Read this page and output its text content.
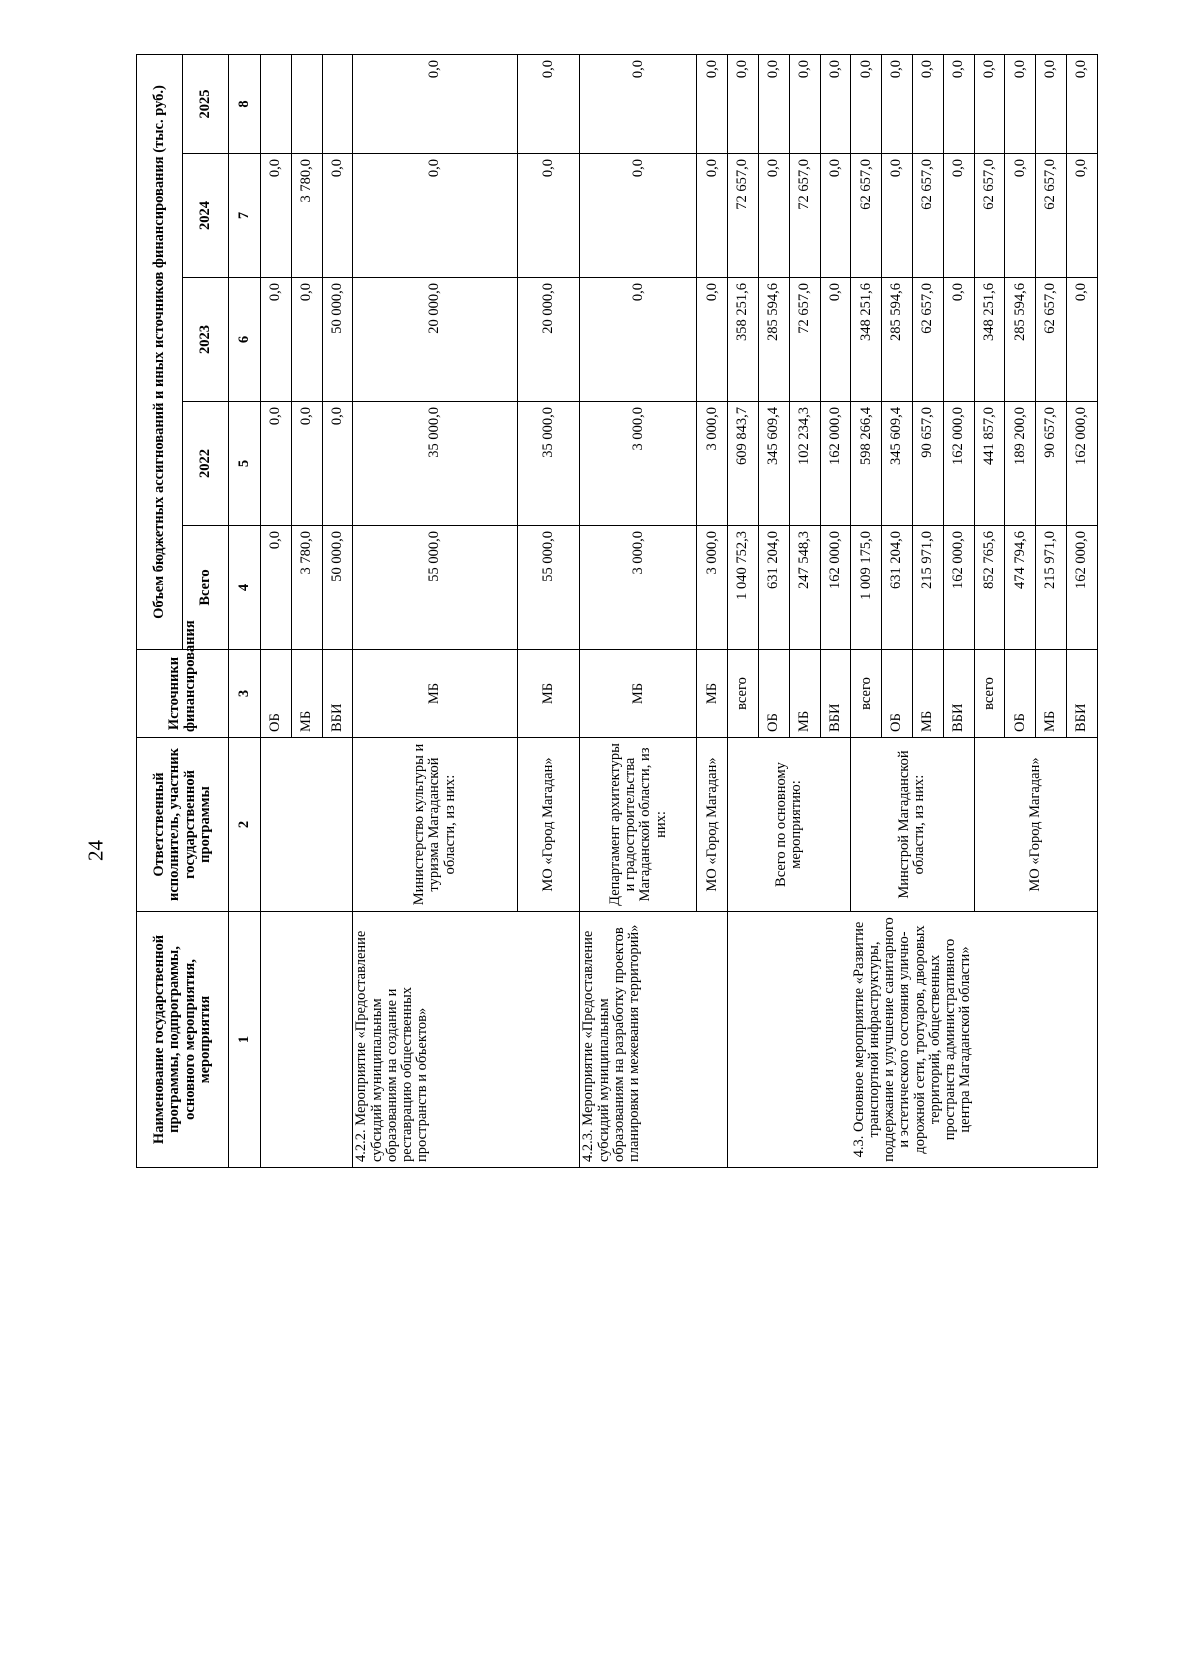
24
Наименование государственной программы, подпрограммы, основного мероприятия, мероприятия	Ответственный исполнитель, участник государственной программы	Источники финансирования	Объем бюджетных ассигнований и иных источников финансирования (тыс. руб.)				
			Всего	2022	2023	2024	2025
1	2	3	4	5	6	7	8
		ОБ	0,0	0,0	0,0	0,0	
		МБ	3 780,0	0,0	0,0	3 780,0	
		ВБИ	50 000,0	0,0	50 000,0	0,0	
4.2.2. Мероприятие «Предоставление субсидий муниципальным образованиям на создание и реставрацию общественных пространств и объектов»	Министерство культуры и туризма Магаданской области, из них:	МБ	55 000,0	35 000,0	20 000,0	0,0	0,0
	МО «Город Магадан»	МБ	55 000,0	35 000,0	20 000,0	0,0	0,0
4.2.3. Мероприятие «Предоставление субсидий муниципальным образованиям на разработку проектов планировки и межевания территорий»	Департамент архитектуры и градостроительства Магаданской области, из них:	МБ	3 000,0	3 000,0	0,0	0,0	0,0
	МО «Город Магадан»	МБ	3 000,0	3 000,0	0,0	0,0	0,0
4.3. Основное мероприятие «Развитие транспортной инфраструктуры, поддержание и улучшение санитарного и эстетического состояния улично-дорожной сети, тротуаров, дворовых территорий, общественных пространств административного центра Магаданской области»	Всего по основному мероприятию:	всего	1 040 752,3	609 843,7	358 251,6	72 657,0	0,0
		ОБ	631 204,0	345 609,4	285 594,6	0,0	0,0
		МБ	247 548,3	102 234,3	72 657,0	72 657,0	0,0
		ВБИ	162 000,0	162 000,0	0,0	0,0	0,0
	Минстрой Магаданской области, из них:	всего	1 009 175,0	598 266,4	348 251,6	62 657,0	0,0
		ОБ	631 204,0	345 609,4	285 594,6	0,0	0,0
		МБ	215 971,0	90 657,0	62 657,0	62 657,0	0,0
		ВБИ	162 000,0	162 000,0	0,0	0,0	0,0
	МО «Город Магадан»	всего	852 765,6	441 857,0	348 251,6	62 657,0	0,0
		ОБ	474 794,6	189 200,0	285 594,6	0,0	0,0
		МБ	215 971,0	90 657,0	62 657,0	62 657,0	0,0
		ВБИ	162 000,0	162 000,0	0,0	0,0	0,0
